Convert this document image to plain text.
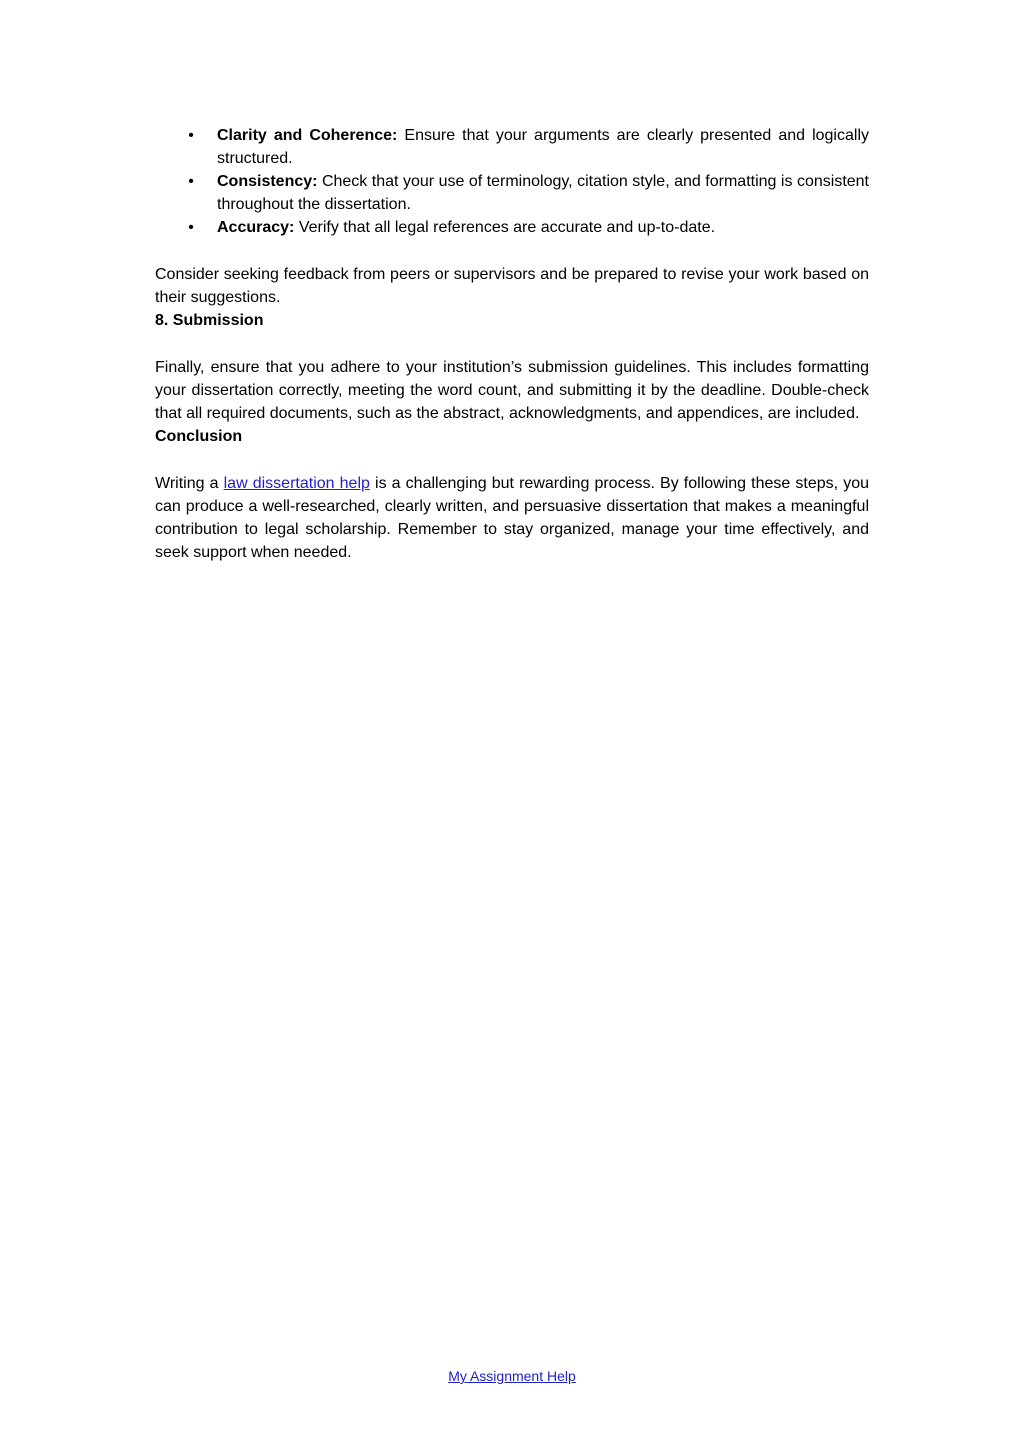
• Clarity and Coherence: Ensure that your arguments are clearly presented and logically structured.
• Consistency: Check that your use of terminology, citation style, and formatting is consistent throughout the dissertation.
• Accuracy: Verify that all legal references are accurate and up-to-date.

Consider seeking feedback from peers or supervisors and be prepared to revise your work based on their suggestions.

8. Submission

Finally, ensure that you adhere to your institution’s submission guidelines. This includes formatting your dissertation correctly, meeting the word count, and submitting it by the deadline. Double-check that all required documents, such as the abstract, acknowledgments, and appendices, are included.

Conclusion

Writing a law dissertation help is a challenging but rewarding process. By following these steps, you can produce a well-researched, clearly written, and persuasive dissertation that makes a meaningful contribution to legal scholarship. Remember to stay organized, manage your time effectively, and seek support when needed.

My Assignment Help
